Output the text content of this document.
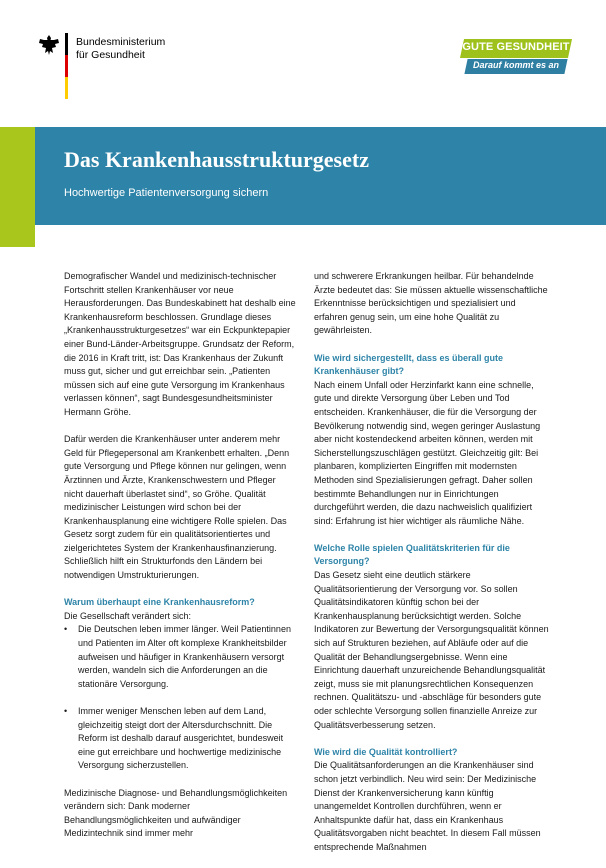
Bundesministerium
für Gesundheit
GUTE GESUNDHEIT
Darauf kommt es an
Das Krankenhausstrukturgesetz
Hochwertige Patientenversorgung sichern

Demografischer Wandel und medizinisch-technischer Fortschritt stellen Krankenhäuser vor neue Herausforderungen. Das Bundeskabinett hat deshalb eine Krankenhausreform beschlossen. Grundlage dieses „Krankenhausstrukturgesetzes“ war ein Eckpunktepapier einer Bund-Länder-Arbeitsgruppe. Grundsatz der Reform, die 2016 in Kraft tritt, ist: Das Krankenhaus der Zukunft muss gut, sicher und gut erreichbar sein. „Patienten müssen sich auf eine gute Versorgung im Krankenhaus verlassen können“, sagt Bundesgesundheitsminister Hermann Gröhe.

Dafür werden die Krankenhäuser unter anderem mehr Geld für Pflegepersonal am Krankenbett erhalten. „Denn gute Versorgung und Pflege können nur gelingen, wenn Ärztinnen und Ärzte, Krankenschwestern und Pfleger nicht dauerhaft überlastet sind“, so Gröhe. Qualität medizinischer Leistungen wird schon bei der Krankenhausplanung eine wichtigere Rolle spielen. Das Gesetz sorgt zudem für ein qualitätsorientiertes und zielgerichtetes System der Krankenhausfinanzierung. Schließlich hilft ein Strukturfonds den Ländern bei notwendigen Umstrukturierungen.

Warum überhaupt eine Krankenhausreform?

Die Gesellschaft verändert sich:

• Die Deutschen leben immer länger. Weil Patientinnen und Patienten im Alter oft komplexe Krankheitsbilder aufweisen und häufiger in Krankenhäusern versorgt werden, wandeln sich die Anforderungen an die stationäre Versorgung.
• Immer weniger Menschen leben auf dem Land, gleichzeitig steigt dort der Altersdurchschnitt. Die Reform ist deshalb darauf ausgerichtet, bundesweit eine gut erreichbare und hochwertige medizinische Versorgung sicherzustellen.

Medizinische Diagnose- und Behandlungsmöglichkeiten verändern sich: Dank moderner Behandlungsmöglichkeiten und aufwändiger Medizintechnik sind immer mehr

und schwerere Erkrankungen heilbar. Für behandelnde Ärzte bedeutet das: Sie müssen aktuelle wissenschaftliche Erkenntnisse berücksichtigen und spezialisiert und erfahren genug sein, um eine hohe Qualität zu gewährleisten.

Wie wird sichergestellt, dass es überall gute Krankenhäuser gibt?

Nach einem Unfall oder Herzinfarkt kann eine schnelle, gute und direkte Versorgung über Leben und Tod entscheiden. Krankenhäuser, die für die Versorgung der Bevölkerung notwendig sind, wegen geringer Auslastung aber nicht kostendeckend arbeiten können, werden mit Sicherstellungszuschlägen gestützt. Gleichzeitig gilt: Bei planbaren, komplizierten Eingriffen mit modernsten Methoden sind Spezialisierungen gefragt. Daher sollen bestimmte Behandlungen nur in Einrichtungen durchgeführt werden, die dazu nachweislich qualifiziert sind: Erfahrung ist hier wichtiger als räumliche Nähe.

Welche Rolle spielen Qualitätskriterien für die Versorgung?

Das Gesetz sieht eine deutlich stärkere Qualitätsorientierung der Versorgung vor. So sollen Qualitätsindikatoren künftig schon bei der Krankenhausplanung berücksichtigt werden. Solche Indikatoren zur Bewertung der Versorgungsqualität können sich auf Strukturen beziehen, auf Abläufe oder auf die Qualität der Behandlungsergebnisse. Wenn eine Einrichtung dauerhaft unzureichende Behandlungsqualität zeigt, muss sie mit planungsrechtlichen Konsequenzen rechnen. Qualitätszu- und -abschläge für besonders gute oder schlechte Versorgung sollen finanzielle Anreize zur Qualitätsverbesserung setzen.

Wie wird die Qualität kontrolliert?

Die Qualitätsanforderungen an die Krankenhäuser sind schon jetzt verbindlich. Neu wird sein: Der Medizinische Dienst der Krankenversicherung kann künftig unangemeldet Kontrollen durchführen, wenn er Anhaltspunkte dafür hat, dass ein Krankenhaus Qualitätsvorgaben nicht beachtet. In diesem Fall müssen entsprechende Maßnahmen
